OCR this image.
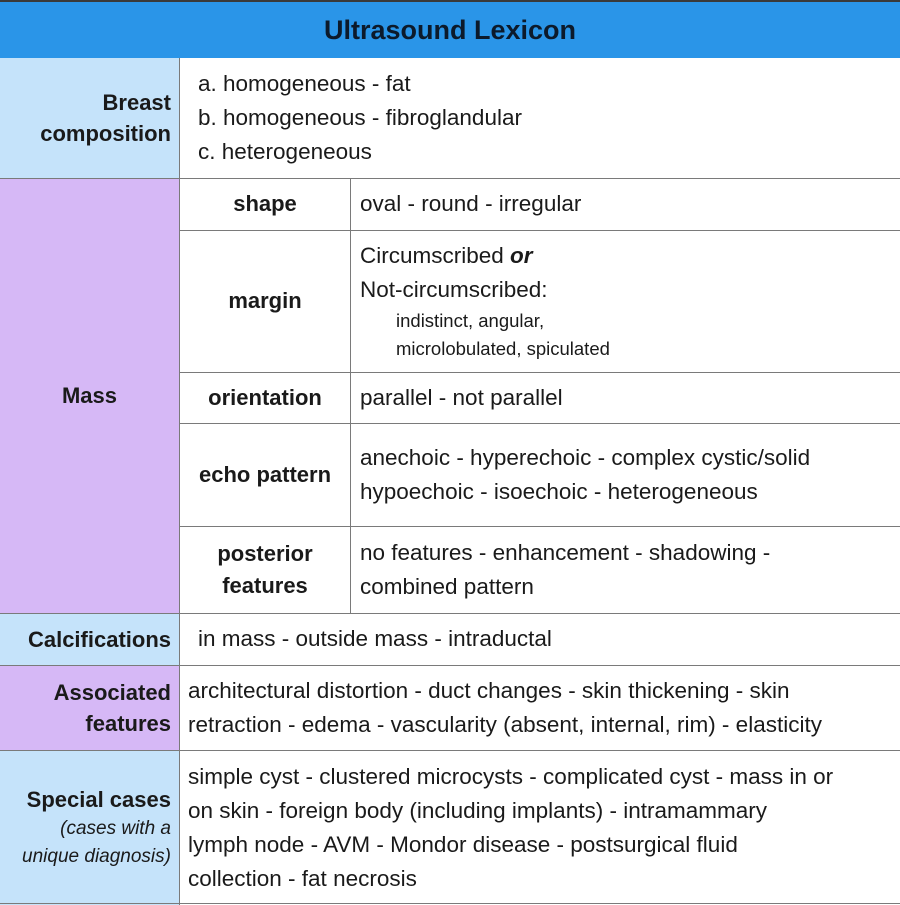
Ultrasound Lexicon
Breast
composition
a. homogeneous - fat
b. homogeneous - fibroglandular
c. heterogeneous
Mass
shape	oval - round - irregular
margin
Circumscribed or
Not-circumscribed:
indistinct, angular,
microlobulated, spiculated
orientation parallel - not parallel
echo pattern
anechoic - hyperechoic - complex cystic/solid
hypoechoic - isoechoic - heterogeneous
posterior
features
no features - enhancement - shadowing -
combined pattern
Calcifications in mass - outside mass - intraductal
Associated
features
architectural distortion - duct changes - skin thickening - skin
retraction - edema - vascularity (absent, internal, rim) - elasticity
Special cases
(cases with a
unique diagnosis)
simple cyst - clustered microcysts - complicated cyst - mass in or
on skin - foreign body (including implants) - intramammary
lymph node - AVM - Mondor disease - postsurgical fluid
collection - fat necrosis
